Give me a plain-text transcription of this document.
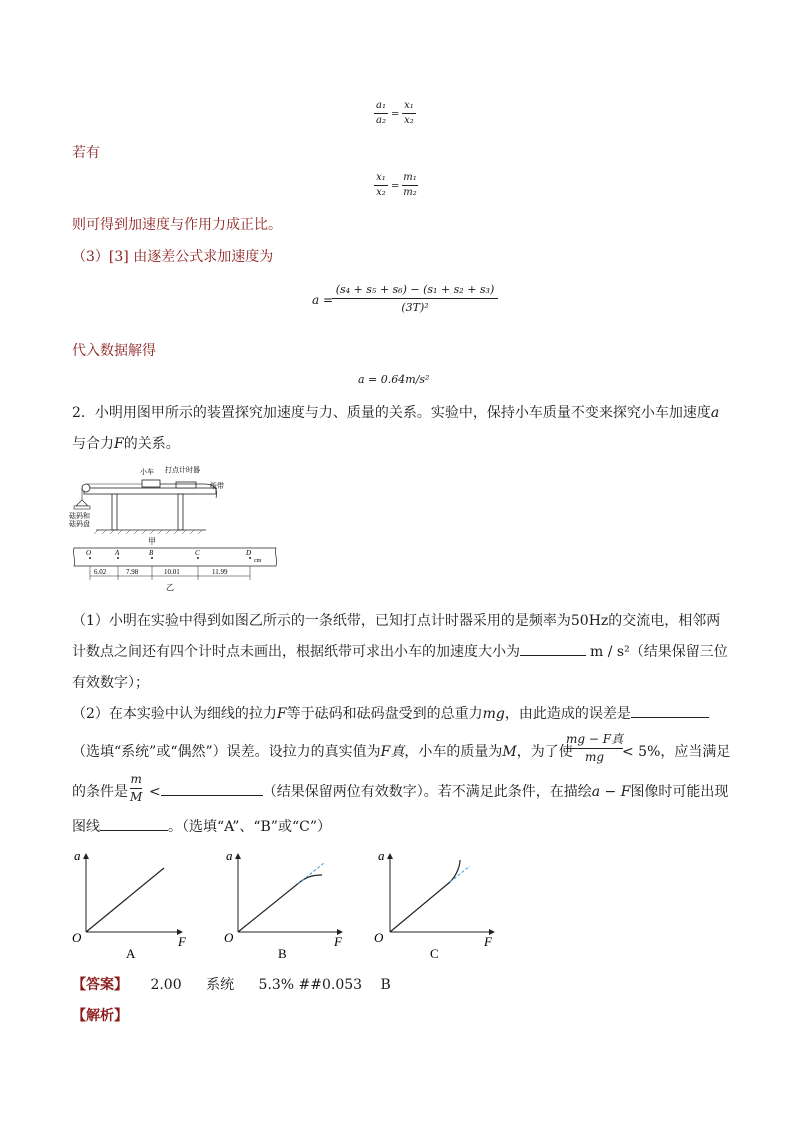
a₁
a₂
=
x₁
x₂
若有
x₁
x₂
=
m₁
m₂
则可得到加速度与作用力成正比。
（3）[3] 由逐差公式求加速度为
a =
(s₄ + s₅ + s₆) − (s₁ + s₂ + s₃)
(3T)²
代入数据解得
a = 0.64m/s²
2．小明用图甲所示的装置探究加速度与力、质量的关系。实验中，保持小车质量不变来探究小车加速度a
与合力F的关系。
小车 打点计时器
纸带
砝码和
砝码盘
甲
O	A	B	C	D
cm
6.02	7.98	10.01	11.99
乙
（1）小明在实验中得到如图乙所示的一条纸带，已知打点计时器采用的是频率为50Hz的交流电，相邻两
计数点之间还有四个计时点未画出，根据纸带可求出小车的加速度大小为	m / s²（结果保留三位
有效数字）；
（2）在本实验中认为细线的拉力F等于砝码和砝码盘受到的总重力mg，由此造成的误差是
（选填“系统”或“偶然”）误差。设拉力的真实值为F真，小车的质量为M，为了使
mg − F真
mg < 5%，应当满足
的条件是
m
M <	（结果保留两位有效数字）。若不满足此条件，在描绘a − F图像时可能出现
图线	。（选填“A”、“B”或“C”）
a
F
O
A
a
F
O
B
a
F
O
C
【答案】 2.00 系统 5.3% ##0.053 B
【解析】
